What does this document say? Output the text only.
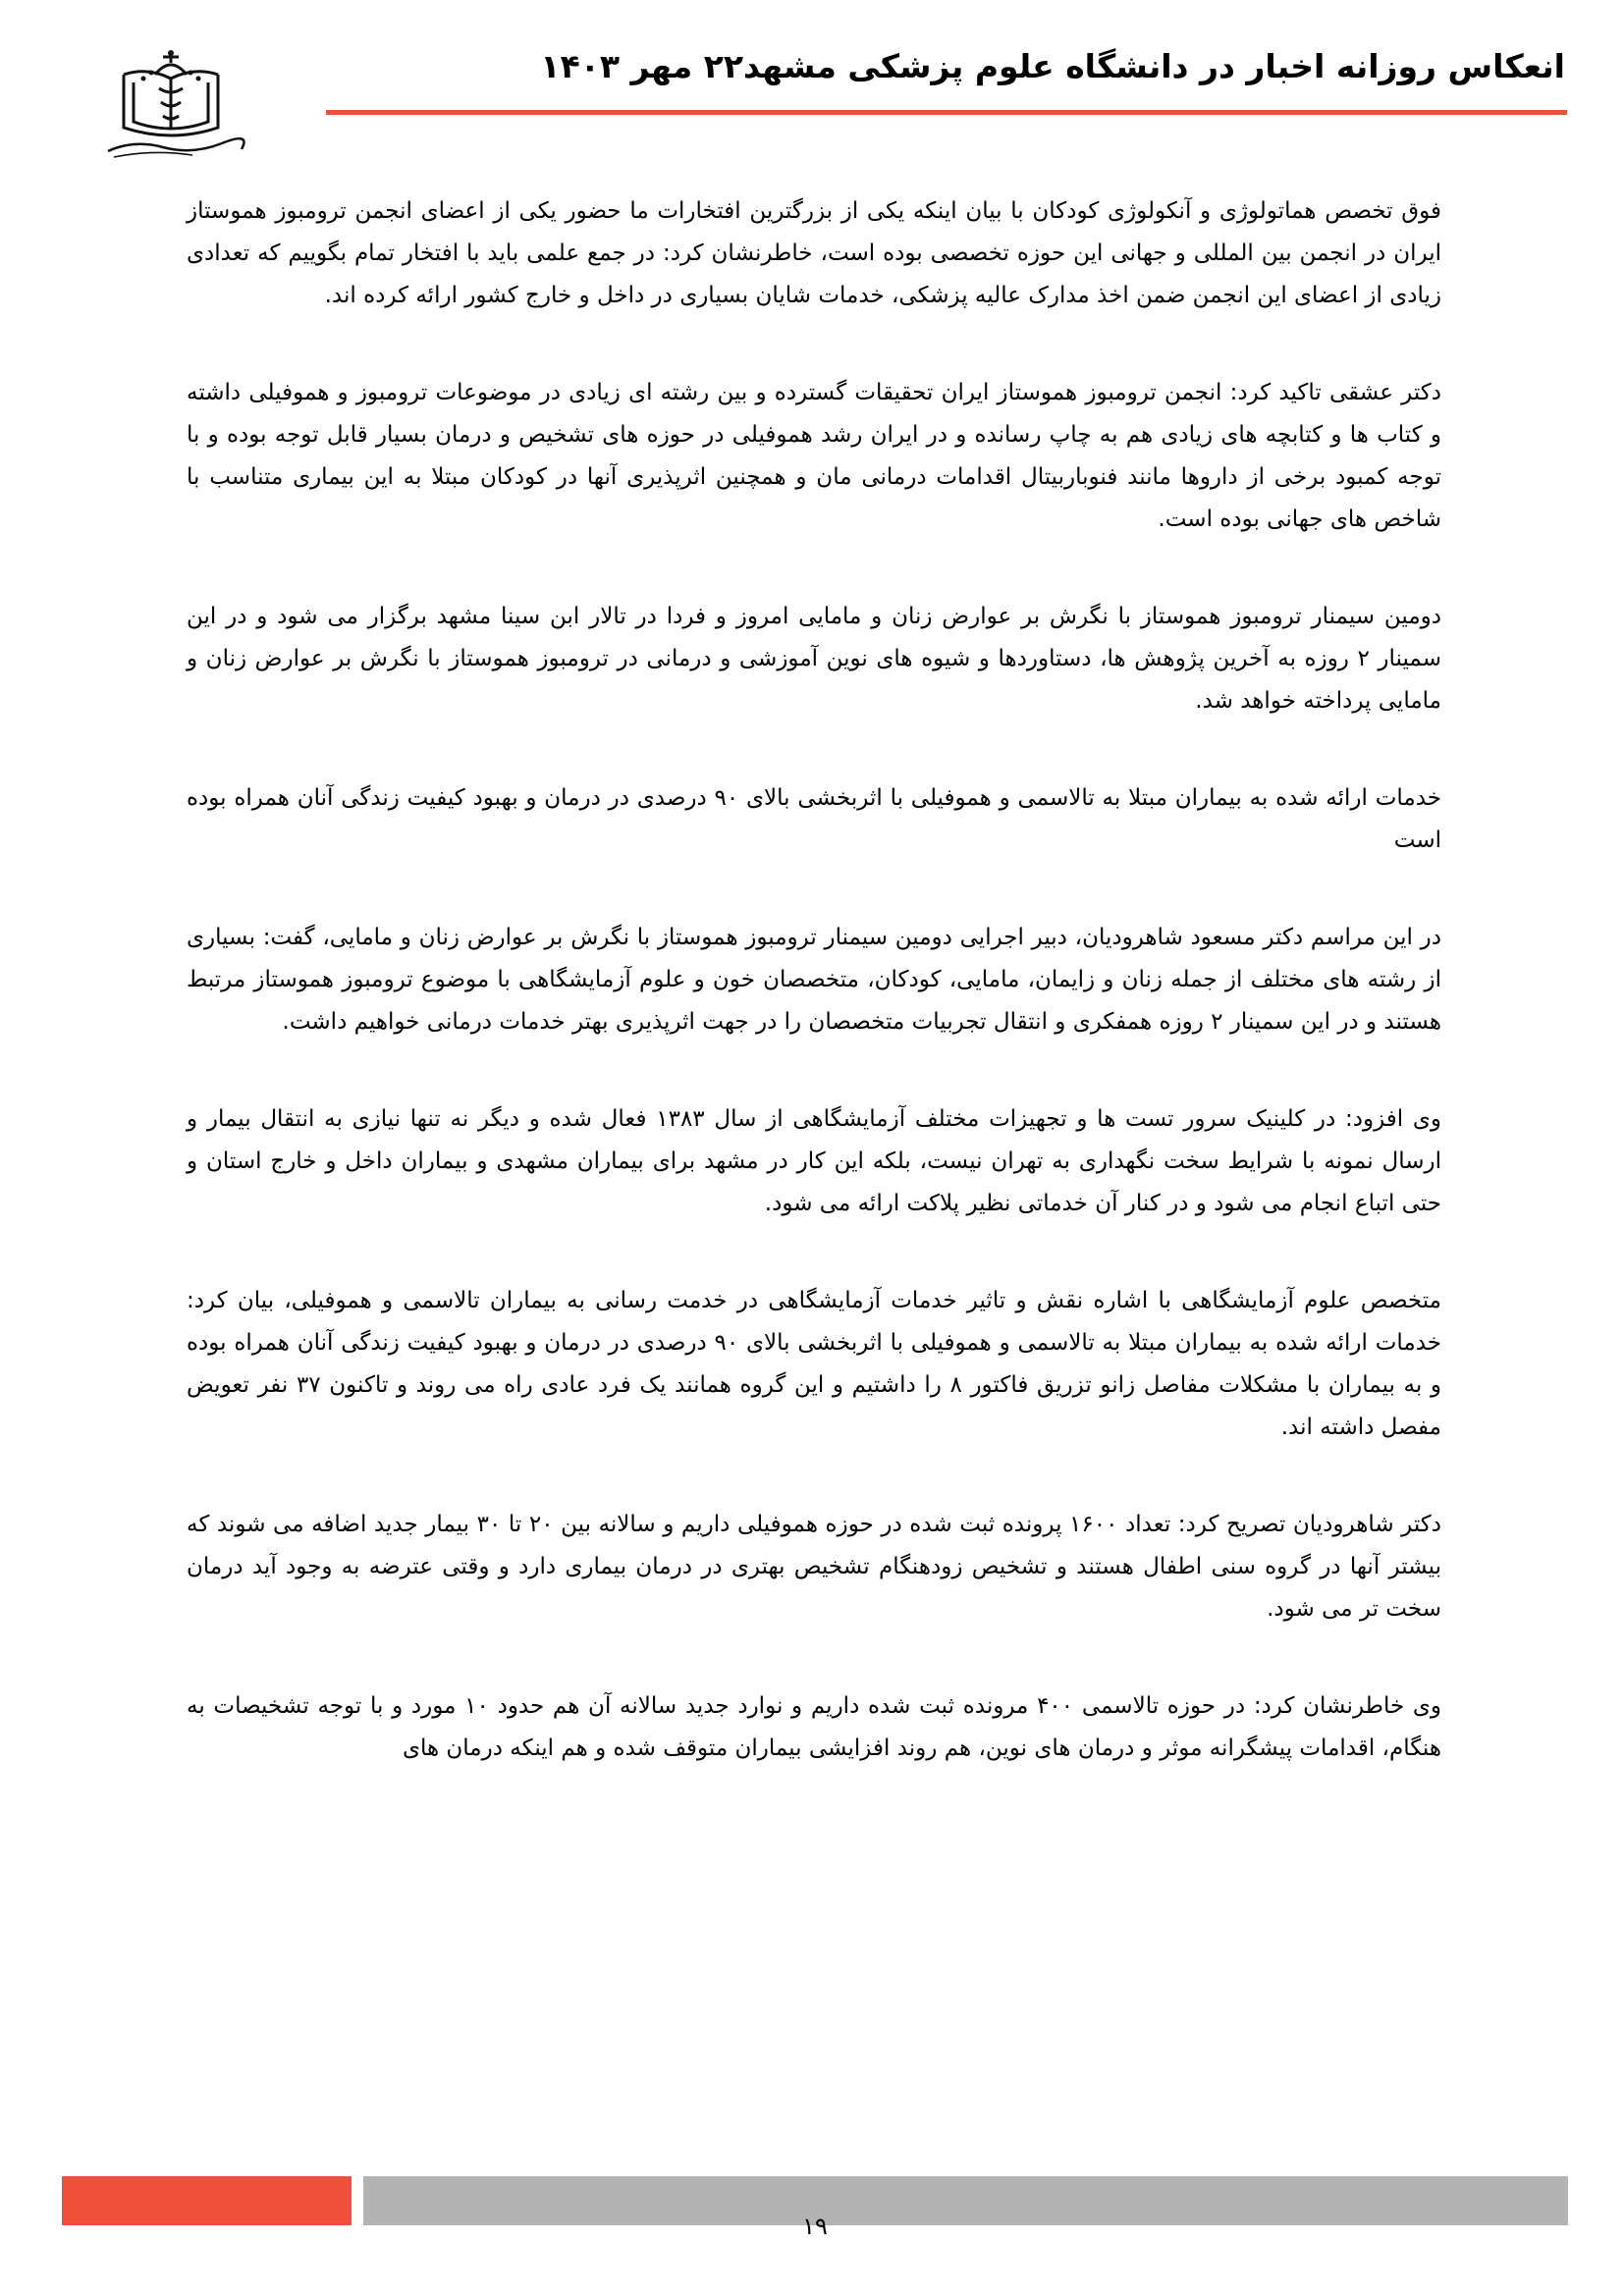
انعکاس روزانه اخبار در دانشگاه علوم پزشکی مشهد۲۲ مهر ۱۴۰۳

فوق تخصص هماتولوژی و آنکولوژی کودکان با بیان اینکه یکی از بزرگترین افتخارات ما حضور یکی از اعضای انجمن ترومبوز هموستاز ایران در انجمن بین المللی و جهانی این حوزه تخصصی بوده است، خاطرنشان کرد: در جمع علمی باید با افتخار تمام بگوییم که تعدادی زیادی از اعضای این انجمن ضمن اخذ مدارک عالیه پزشکی، خدمات شایان بسیاری در داخل و خارج کشور ارائه کرده اند.

دکتر عشقی تاکید کرد: انجمن ترومبوز هموستاز ایران تحقیقات گسترده و بین رشته ای زیادی در موضوعات ترومبوز و هموفیلی داشته و کتاب ها و کتابچه های زیادی هم به چاپ رسانده و در ایران رشد هموفیلی در حوزه های تشخیص و درمان بسیار قابل توجه بوده و با توجه کمبود برخی از داروها مانند فنوباربیتال اقدامات درمانی مان و همچنین اثرپذیری آنها در کودکان مبتلا به این بیماری متناسب با شاخص های جهانی بوده است.

دومین سیمنار ترومبوز هموستاز با نگرش بر عوارض زنان و مامایی امروز و فردا در تالار ابن سینا مشهد برگزار می شود و در این سمینار ۲ روزه به آخرین پژوهش ها، دستاوردها و شیوه های نوین آموزشی و درمانی در ترومبوز هموستاز با نگرش بر عوارض زنان و مامایی پرداخته خواهد شد.

خدمات ارائه شده به بیماران مبتلا به تالاسمی و هموفیلی با اثربخشی بالای ۹۰ درصدی در درمان و بهبود کیفیت زندگی آنان همراه بوده است

در این مراسم دکتر مسعود شاهرودیان، دبیر اجرایی دومین سیمنار ترومبوز هموستاز با نگرش بر عوارض زنان و مامایی، گفت: بسیاری از رشته های مختلف از جمله زنان و زایمان، مامایی، کودکان، متخصصان خون و علوم آزمایشگاهی با موضوع ترومبوز هموستاز مرتبط هستند و در این سمینار ۲ روزه همفکری و انتقال تجربیات متخصصان را در جهت اثرپذیری بهتر خدمات درمانی خواهیم داشت.

وی افزود: در کلینیک سرور تست ها و تجهیزات مختلف آزمایشگاهی از سال ۱۳۸۳ فعال شده و دیگر نه تنها نیازی به انتقال بیمار و ارسال نمونه با شرایط سخت نگهداری به تهران نیست، بلکه این کار در مشهد برای بیماران مشهدی و بیماران داخل و خارج استان و حتی اتباع انجام می شود و در کنار آن خدماتی نظیر پلاکت ارائه می شود.

متخصص علوم آزمایشگاهی با اشاره نقش و تاثیر خدمات آزمایشگاهی در خدمت رسانی به بیماران تالاسمی و هموفیلی، بیان کرد: خدمات ارائه شده به بیماران مبتلا به تالاسمی و هموفیلی با اثربخشی بالای ۹۰ درصدی در درمان و بهبود کیفیت زندگی آنان همراه بوده و به بیماران با مشکلات مفاصل زانو تزریق فاکتور ۸ را داشتیم و این گروه همانند یک فرد عادی راه می روند و تاکنون ۳۷ نفر تعویض مفصل داشته اند.

دکتر شاهرودیان تصریح کرد: تعداد ۱۶۰۰ پرونده ثبت شده در حوزه هموفیلی داریم و سالانه بین ۲۰ تا ۳۰ بیمار جدید اضافه می شوند که بیشتر آنها در گروه سنی اطفال هستند و تشخیص زودهنگام تشخیص بهتری در درمان بیماری دارد و وقتی عترضه به وجود آید درمان سخت تر می شود.

وی خاطرنشان کرد: در حوزه تالاسمی ۴۰۰ مرونده ثبت شده داریم و نوارد جدید سالانه آن هم حدود ۱۰ مورد و با توجه تشخیصات به هنگام، اقدامات پیشگرانه موثر و درمان های نوین، هم روند افزایشی بیماران متوقف شده و هم اینکه درمان های

۱۹
